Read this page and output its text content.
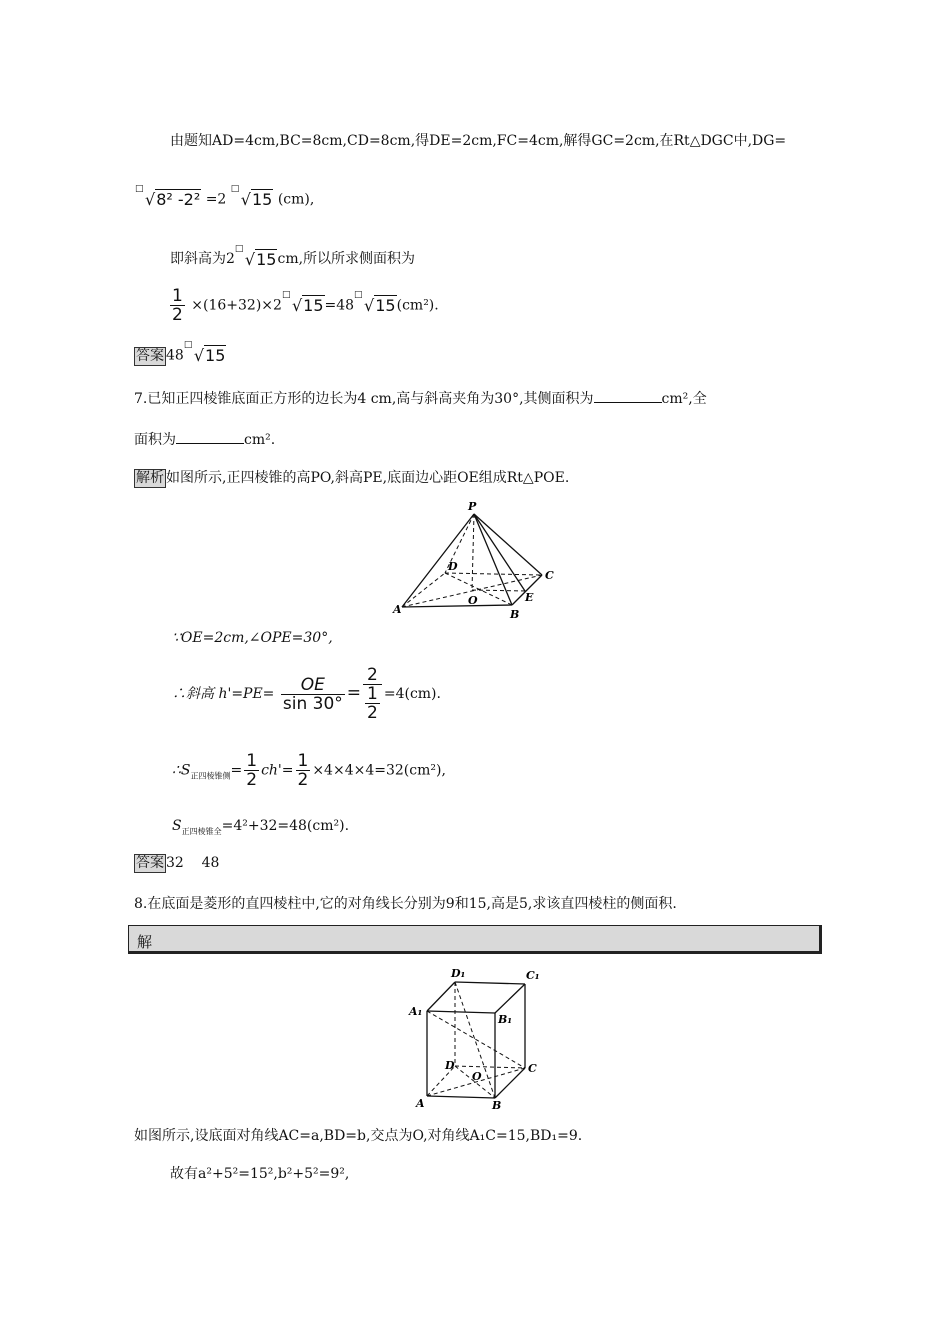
由题知AD=4cm,BC=8cm,CD=8cm,得DE=2cm,FC=4cm,解得GC=2cm,在Rt△DGC中,DG=
□
√8² -2² =2
□
√15 (cm),
即斜高为2
□
√15cm,所以所求侧面积为
$\frac{1}{2} \times(16+32)\times 2$
□
√15=48
□
√15(cm²).
答案 48
□
√15
7.已知正四棱锥底面正方形的边长为4 cm,高与斜高夹角为30°,其侧面积为	cm²,全
面积为	cm².
解析 如图所示,正四棱锥的高PO,斜高PE,底面边心距OE组成Rt△POE.
P
D
C
O	E
A	B
∵OE=2cm,∠OPE=30°,
∴斜高 $h'=PE= \frac{OE}{\sin 30^\circ} = \frac{2}{\frac{1}{2}} =4(cm)$.
$\therefore S_{正四棱锥侧}= \frac{1}{2} ch'= \frac{1}{2} \times 4\times 4\times 4=32(cm^2)$,
$S_{正四棱锥全}=4^2+32=48(cm^2)$.
答案 32    48
8.在底面是菱形的直四棱柱中,它的对角线长分别为9和15,高是5,求该直四棱柱的侧面积.
解
D₁	C₁
A₁
B₁
D	C
O
A	B
如图所示,设底面对角线AC=a,BD=b,交点为O,对角线A₁C=15,BD₁=9.
故有a²+5²=15²,b²+5²=9²,
